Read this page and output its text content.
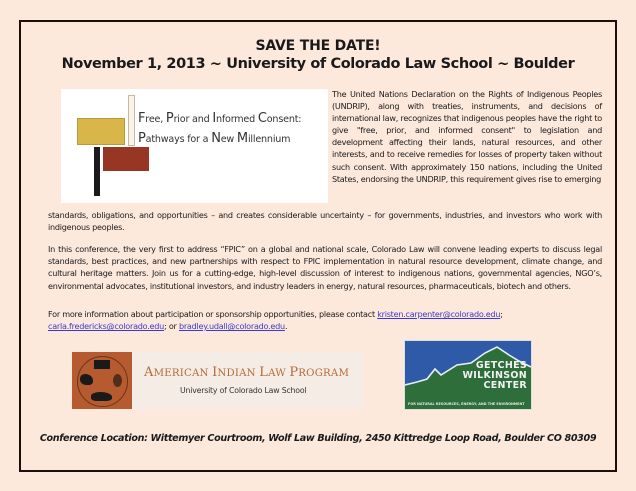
SAVE THE DATE!
November 1, 2013 ~ University of Colorado Law School ~ Boulder
Free, Prior and Informed Consent:
Pathways for a New Millennium
The United Nations Declaration on the Rights of Indigenous Peoples (UNDRIP), along with treaties, instruments, and decisions of international law, recognizes that indigenous peoples have the right to give "free, prior, and informed consent" to legislation and development affecting their lands, natural resources, and other interests, and to receive remedies for losses of property taken without such consent. With approximately 150 nations, including the United States, endorsing the UNDRIP, this requirement gives rise to emerging
standards, obligations, and opportunities – and creates considerable uncertainty – for governments, industries, and investors who work with indigenous peoples.
In this conference, the very first to address “FPIC” on a global and national scale, Colorado Law will convene leading experts to discuss legal standards, best practices, and new partnerships with respect to FPIC implementation in natural resource development, climate change, and cultural heritage matters. Join us for a cutting-edge, high-level discussion of interest to indigenous nations, governmental agencies, NGO’s, environmental advocates, institutional investors, and industry leaders in energy, natural resources, pharmaceuticals, biotech and others.
For more information about participation or sponsorship opportunities, please contact kristen.carpenter@colorado.edu; carla.fredericks@colorado.edu; or bradley.udall@colorado.edu.
AMERICAN INDIAN LAW PROGRAM
University of Colorado Law School
GETCHES
WILKINSON
CENTER
FOR NATURAL RESOURCES, ENERGY, AND THE ENVIRONMENT
Conference Location: Wittemyer Courtroom, Wolf Law Building, 2450 Kittredge Loop Road, Boulder CO 80309
